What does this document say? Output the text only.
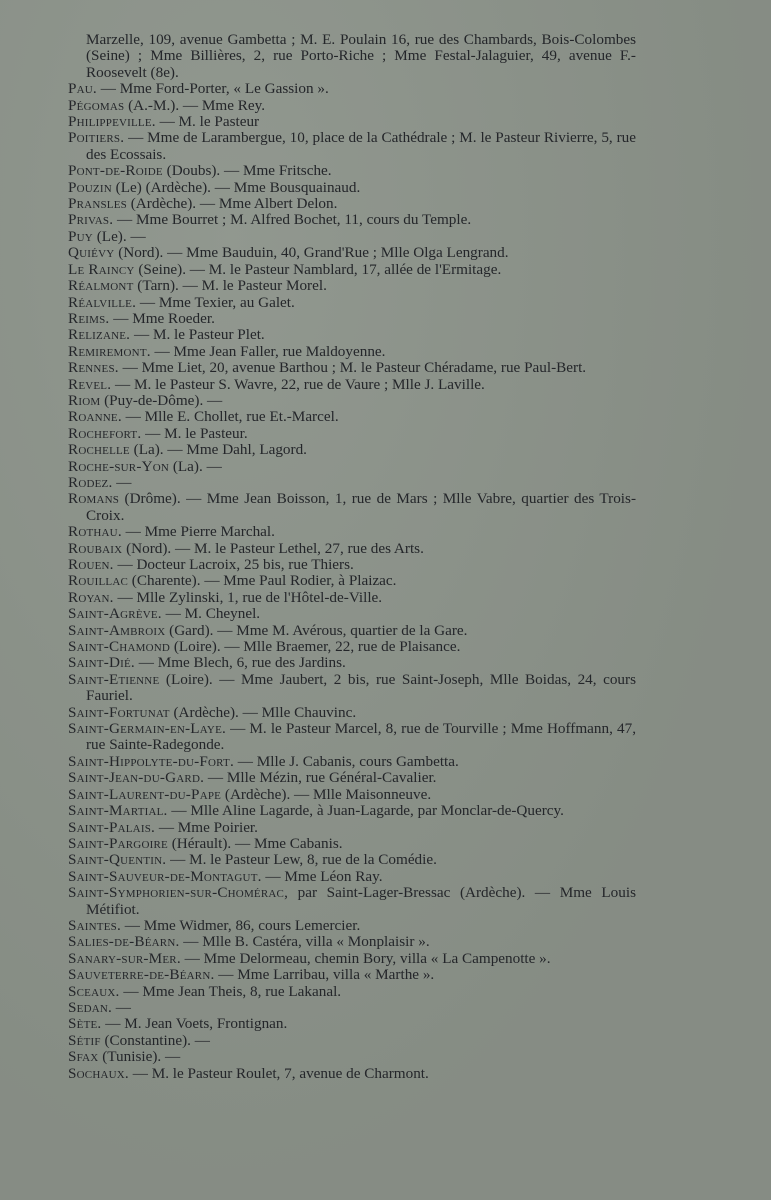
Marzelle, 109, avenue Gambetta ; M. E. Poulain 16, rue des Chambards, Bois-Colombes (Seine) ; Mme Billières, 2, rue Porto-Riche ; Mme Festal-Jalaguier, 49, avenue F.-Roosevelt (8e).
Pau. — Mme Ford-Porter, « Le Gassion ».
Pégomas (A.-M.). — Mme Rey.
Philippeville. — M. le Pasteur
Poitiers. — Mme de Larambergue, 10, place de la Cathédrale ; M. le Pasteur Rivierre, 5, rue des Ecossais.
Pont-de-Roide (Doubs). — Mme Fritsche.
Pouzin (Le) (Ardèche). — Mme Bousquainaud.
Pransles (Ardèche). — Mme Albert Delon.
Privas. — Mme Bourret ; M. Alfred Bochet, 11, cours du Temple.
Puy (Le). —
Quiévy (Nord). — Mme Bauduin, 40, Grand'Rue ; Mlle Olga Lengrand.
Le Raincy (Seine). — M. le Pasteur Namblard, 17, allée de l'Ermitage.
Réalmont (Tarn). — M. le Pasteur Morel.
Réalville. — Mme Texier, au Galet.
Reims. — Mme Roeder.
Relizane. — M. le Pasteur Plet.
Remiremont. — Mme Jean Faller, rue Maldoyenne.
Rennes. — Mme Liet, 20, avenue Barthou ; M. le Pasteur Chéradame, rue Paul-Bert.
Revel. — M. le Pasteur S. Wavre, 22, rue de Vaure ; Mlle J. Laville.
Riom (Puy-de-Dôme). —
Roanne. — Mlle E. Chollet, rue Et.-Marcel.
Rochefort. — M. le Pasteur.
Rochelle (La). — Mme Dahl, Lagord.
Roche-sur-Yon (La). —
Rodez. —
Romans (Drôme). — Mme Jean Boisson, 1, rue de Mars ; Mlle Vabre, quartier des Trois-Croix.
Rothau. — Mme Pierre Marchal.
Roubaix (Nord). — M. le Pasteur Lethel, 27, rue des Arts.
Rouen. — Docteur Lacroix, 25 bis, rue Thiers.
Rouillac (Charente). — Mme Paul Rodier, à Plaizac.
Royan. — Mlle Zylinski, 1, rue de l'Hôtel-de-Ville.
Saint-Agrève. — M. Cheynel.
Saint-Ambroix (Gard). — Mme M. Avérous, quartier de la Gare.
Saint-Chamond (Loire). — Mlle Braemer, 22, rue de Plaisance.
Saint-Dié. — Mme Blech, 6, rue des Jardins.
Saint-Etienne (Loire). — Mme Jaubert, 2 bis, rue Saint-Joseph, Mlle Boidas, 24, cours Fauriel.
Saint-Fortunat (Ardèche). — Mlle Chauvinc.
Saint-Germain-en-Laye. — M. le Pasteur Marcel, 8, rue de Tourville ; Mme Hoffmann, 47, rue Sainte-Radegonde.
Saint-Hippolyte-du-Fort. — Mlle J. Cabanis, cours Gambetta.
Saint-Jean-du-Gard. — Mlle Mézin, rue Général-Cavalier.
Saint-Laurent-du-Pape (Ardèche). — Mlle Maisonneuve.
Saint-Martial. — Mlle Aline Lagarde, à Juan-Lagarde, par Monclar-de-Quercy.
Saint-Palais. — Mme Poirier.
Saint-Pargoire (Hérault). — Mme Cabanis.
Saint-Quentin. — M. le Pasteur Lew, 8, rue de la Comédie.
Saint-Sauveur-de-Montagut. — Mme Léon Ray.
Saint-Symphorien-sur-Chomérac, par Saint-Lager-Bressac (Ardèche). — Mme Louis Métifiot.
Saintes. — Mme Widmer, 86, cours Lemercier.
Salies-de-Béarn. — Mlle B. Castéra, villa « Monplaisir ».
Sanary-sur-Mer. — Mme Delormeau, chemin Bory, villa « La Campenotte ».
Sauveterre-de-Béarn. — Mme Larribau, villa « Marthe ».
Sceaux. — Mme Jean Theis, 8, rue Lakanal.
Sedan. —
Sète. — M. Jean Voets, Frontignan.
Sétif (Constantine). —
Sfax (Tunisie). —
Sochaux. — M. le Pasteur Roulet, 7, avenue de Charmont.
